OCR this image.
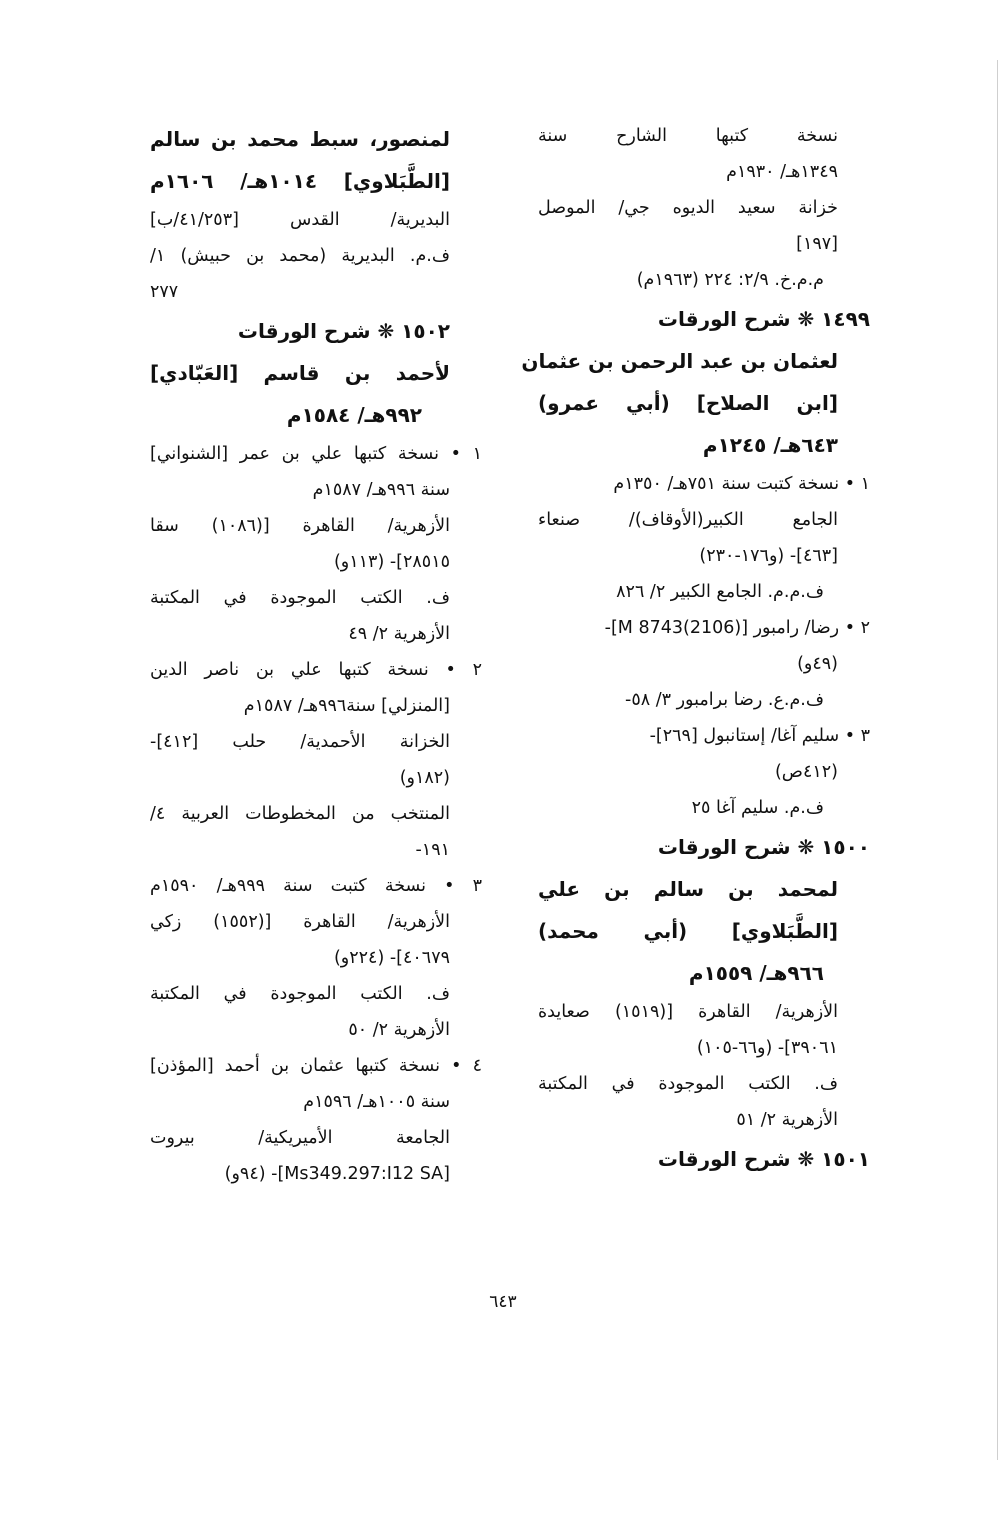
نسخة كتبها الشارح سنة
١٣٤٩هـ/ ١٩٣٠م
خزانة سعيد الديوه جي/ الموصل
[١٩٧]
م.م.خ. ٢/٩: ٢٢٤ (١٩٦٣م)
١٤٩٩ ❋ شرح الورقات
لعثمان بن عبد الرحمن بن عثمان
[ابن الصلاح] (أبي عمرو)
٦٤٣هـ/ ١٢٤٥م
١ • نسخة كتبت سنة ٧٥١هـ/ ١٣٥٠م
الجامع الكبير(الأوقاف)/ صنعاء
[٤٦٣]- (و١٧٦-٢٣٠)
ف.م.م. الجامع الكبير ٢/ ٨٢٦
٢ • رضا/ رامبور [M 8743(2106)]-
(٤٩و)
ف.م.ع. رضا برامبور ٣/ ٥٨-
٣ • سليم آغا/ إستانبول [٢٦٩]-
(٤١٢ص)
ف.م. سليم آغا ٢٥
١٥٠٠ ❋ شرح الورقات
لمحمد بن سالم بن علي
[الطَّبَلاوي] (أبي محمد)
٩٦٦هـ/ ١٥٥٩م
الأزهرية/ القاهرة [(١٥١٩) صعايدة
٣٩٠٦١]- (و٦٦-١٠٥)
ف. الكتب الموجودة في المكتبة
الأزهرية ٢/ ٥١
١٥٠١ ❋ شرح الورقات
لمنصور، سبط محمد بن سالم
[الطَّبَلاوي] ١٠١٤هـ/ ١٦٠٦م
البديرية/ القدس [٤١/٢٥٣/ب]
ف.م. البديرية (محمد بن حبيش) ١/
٢٧٧
١٥٠٢ ❋ شرح الورقات
لأحمد بن قاسم [العَبّادي]
٩٩٢هـ/ ١٥٨٤م
١ • نسخة كتبها علي بن عمر [الشنواني]
سنة ٩٩٦هـ/ ١٥٨٧م
الأزهرية/ القاهرة [(١٠٨٦) سقا
٢٨٥١٥]- (١١٣و)
ف. الكتب الموجودة في المكتبة
الأزهرية ٢/ ٤٩
٢ • نسخة كتبها علي بن ناصر الدين
[المنزلي] سنة٩٩٦هـ/ ١٥٨٧م
الخزانة الأحمدية/ حلب [٤١٢]-
(١٨٢و)
المنتخب من المخطوطات العربية ٤/
١٩١-
٣ • نسخة كتبت سنة ٩٩٩هـ/ ١٥٩٠م
الأزهرية/ القاهرة [(١٥٥٢) زكي
٤٠٦٧٩]- (٢٢٤و)
ف. الكتب الموجودة في المكتبة
الأزهرية ٢/ ٥٠
٤ • نسخة كتبها عثمان بن أحمد [المؤذن]
سنة ١٠٠٥هـ/ ١٥٩٦م
الجامعة الأميريكية/ بيروت
[Ms349.297:I12 SA]- (٩٤و)
٦٤٣
